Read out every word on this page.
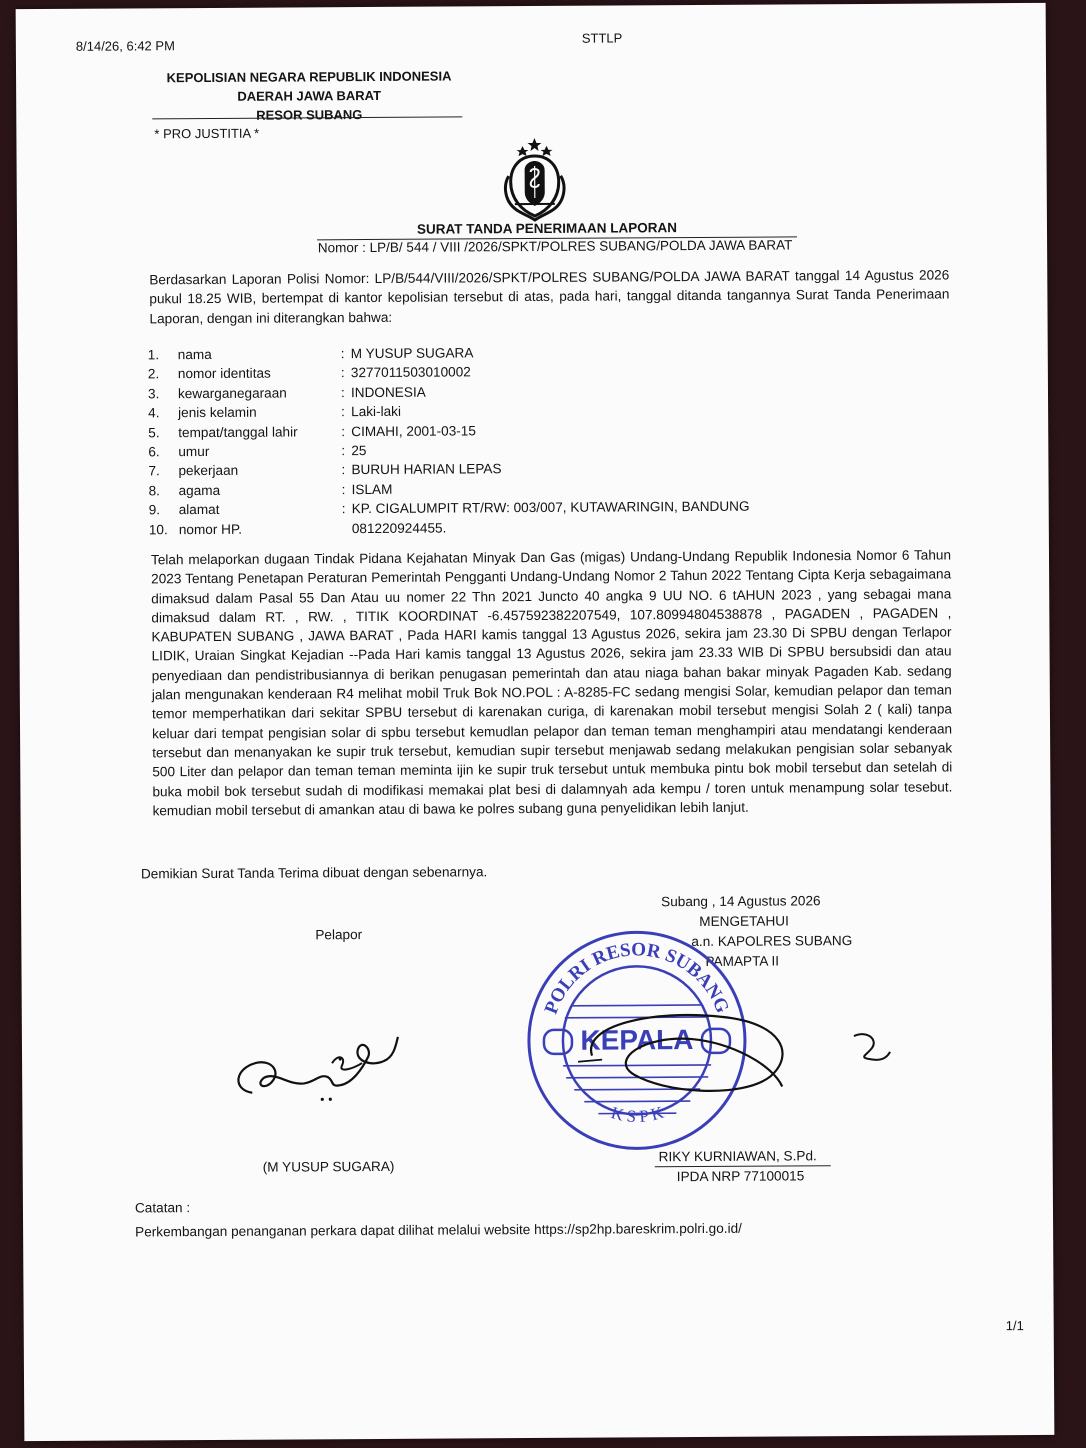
8/14/26, 6:42 PM
STTLP
KEPOLISIAN NEGARA REPUBLIK INDONESIA
DAERAH JAWA BARAT
RESOR SUBANG
* PRO JUSTITIA *
SURAT TANDA PENERIMAAN LAPORAN
Nomor : LP/B/ 544 / VIII /2026/SPKT/POLRES SUBANG/POLDA JAWA BARAT

Berdasarkan Laporan Polisi Nomor: LP/B/544/VIII/2026/SPKT/POLRES SUBANG/POLDA JAWA BARAT tanggal 14 Agustus 2026 pukul 18.25 WIB, bertempat di kantor kepolisian tersebut di atas, pada hari, tanggal ditanda tangannya Surat Tanda Penerimaan Laporan, dengan ini diterangkan bahwa:

1.	nama	: M YUSUP SUGARA
2.	nomor identitas	: 3277011503010002
3.	kewarganegaraan	: INDONESIA
4.	jenis kelamin	: Laki-laki
5.	tempat/tanggal lahir	: CIMAHI, 2001-03-15
6.	umur	: 25
7.	pekerjaan	: BURUH HARIAN LEPAS
8.	agama	: ISLAM
9.	alamat	: KP. CIGALUMPIT RT/RW: 003/007, KUTAWARINGIN, BANDUNG
10. nomor HP.	081220924455.

Telah melaporkan dugaan Tindak Pidana Kejahatan Minyak Dan Gas (migas) Undang-Undang Republik Indonesia Nomor 6 Tahun 2023 Tentang Penetapan Peraturan Pemerintah Pengganti Undang-Undang Nomor 2 Tahun 2022 Tentang Cipta Kerja sebagaimana dimaksud dalam Pasal 55 Dan Atau uu nomer 22 Thn 2021 Juncto 40 angka 9 UU NO. 6 tAHUN 2023 , yang sebagai mana dimaksud dalam RT. , RW. , TITIK KOORDINAT -6.457592382207549, 107.80994804538878 , PAGADEN , PAGADEN , KABUPATEN SUBANG , JAWA BARAT , Pada HARI kamis tanggal 13 Agustus 2026, sekira jam 23.30 Di SPBU dengan Terlapor LIDIK, Uraian Singkat Kejadian --Pada Hari kamis tanggal 13 Agustus 2026, sekira jam 23.33 WIB Di SPBU bersubsidi dan atau penyediaan dan pendistribusiannya di berikan penugasan pemerintah dan atau niaga bahan bakar minyak Pagaden Kab. sedang jalan mengunakan kenderaan R4 melihat mobil Truk Bok NO.POL : A-8285-FC sedang mengisi Solar, kemudian pelapor dan teman temor memperhatikan dari sekitar SPBU tersebut di karenakan curiga, di karenakan mobil tersebut mengisi Solah 2 ( kali) tanpa keluar dari tempat pengisian solar di spbu tersebut kemudlan pelapor dan teman teman menghampiri atau mendatangi kenderaan tersebut dan menanyakan ke supir truk tersebut, kemudian supir tersebut menjawab sedang melakukan pengisian solar sebanyak 500 Liter dan pelapor dan teman teman meminta ijin ke supir truk tersebut untuk membuka pintu bok mobil tersebut dan setelah di buka mobil bok tersebut sudah di modifikasi memakai plat besi di dalamnyah ada kempu / toren untuk menampung solar tesebut. kemudian mobil tersebut di amankan atau di bawa ke polres subang guna penyelidikan lebih lanjut.

Demikian Surat Tanda Terima dibuat dengan sebenarnya.
Subang , 14 Agustus 2026
MENGETAHUI
a.n. KAPOLRES SUBANG
PAMAPTA II
Pelapor
(M YUSUP SUGARA)
POLRI RESOR SUBANG
KEPALA
K S P K
RIKY KURNIAWAN, S.Pd.
IPDA NRP 77100015
Catatan :
Perkembangan penanganan perkara dapat dilihat melalui website https://sp2hp.bareskrim.polri.go.id/
1/1
